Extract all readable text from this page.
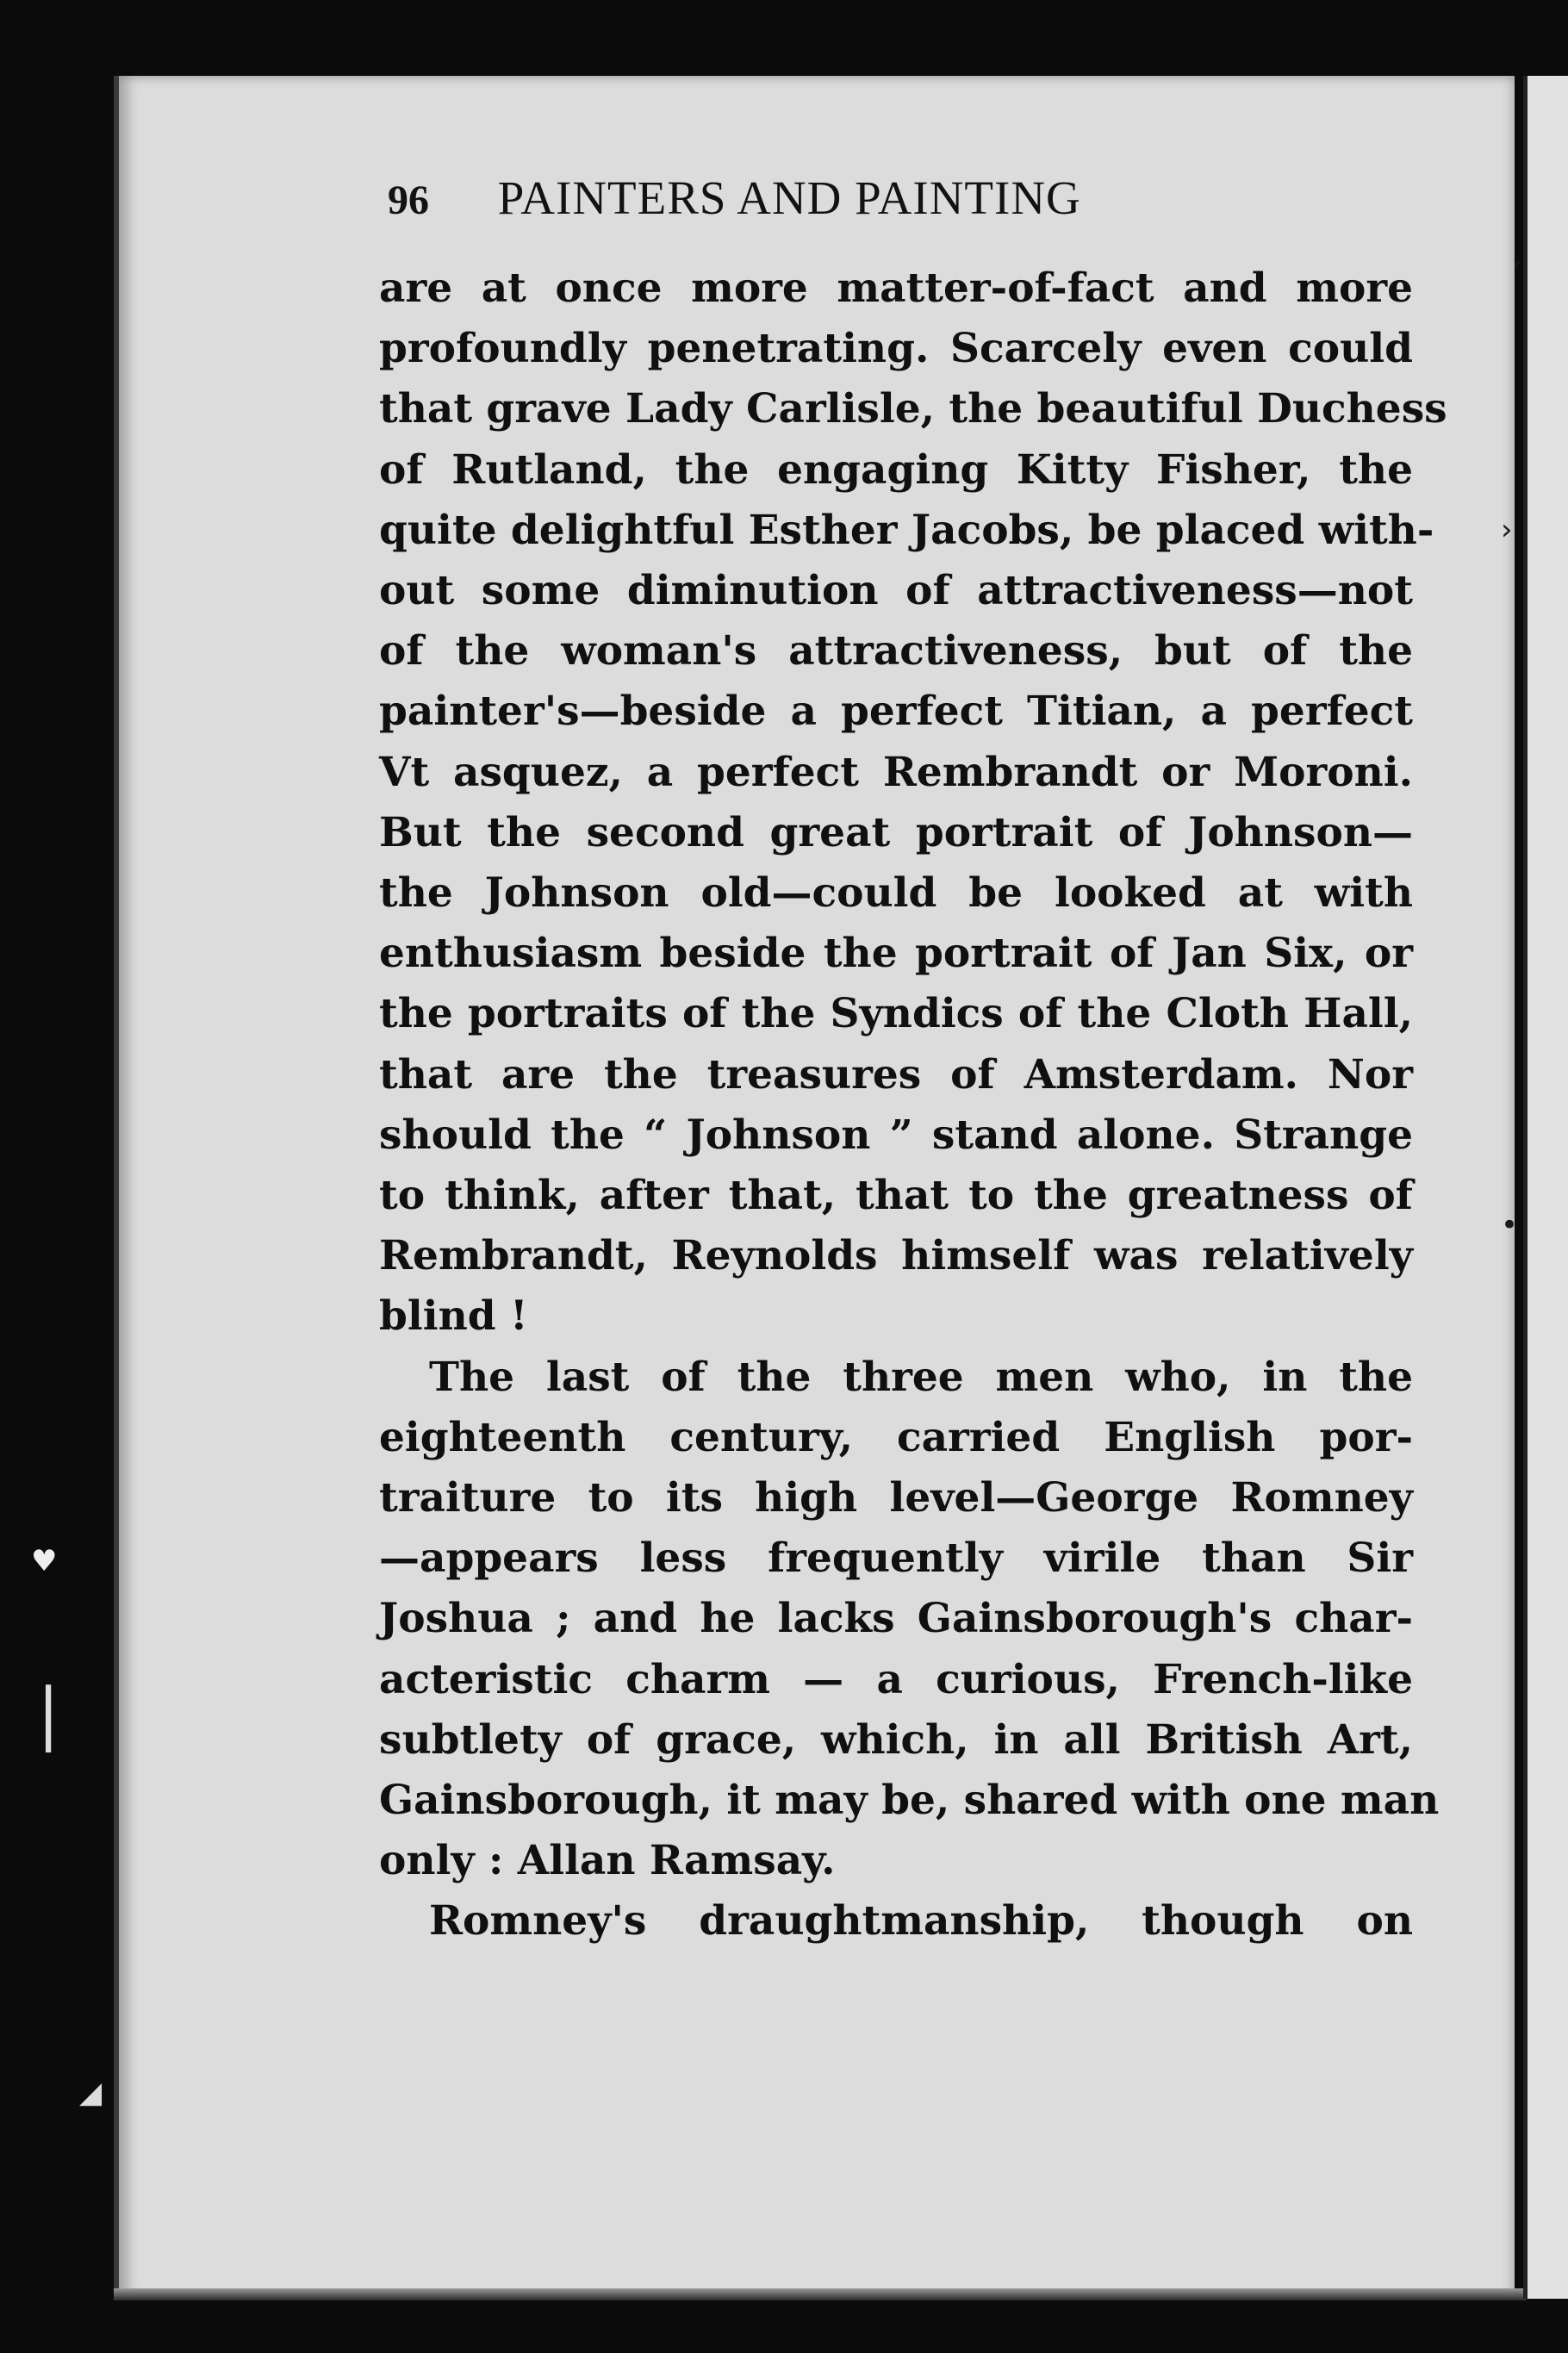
′
›
•
♥
∣
◢
96 PAINTERS AND PAINTING

are at once more matter-of-fact and more
profoundly penetrating. Scarcely even could
that grave Lady Carlisle, the beautiful Duchess
of Rutland, the engaging Kitty Fisher, the
quite delightful Esther Jacobs, be placed with-
out some diminution of attractiveness—not
of the woman's attractiveness, but of the
painter's—beside a perfect Titian, a perfect
Vt asquez, a perfect Rembrandt or Moroni.
But the second great portrait of Johnson—
the Johnson old—could be looked at with
enthusiasm beside the portrait of Jan Six, or
the portraits of the Syndics of the Cloth Hall,
that are the treasures of Amsterdam. Nor
should the “ Johnson ” stand alone. Strange
to think, after that, that to the greatness of
Rembrandt, Reynolds himself was relatively
blind !

The last of the three men who, in the
eighteenth century, carried English por-
traiture to its high level—George Romney
—appears less frequently virile than Sir
Joshua ; and he lacks Gainsborough's char-
acteristic charm — a curious, French-like
subtlety of grace, which, in all British Art,
Gainsborough, it may be, shared with one man
only : Allan Ramsay.

Romney's draughtmanship, though on
